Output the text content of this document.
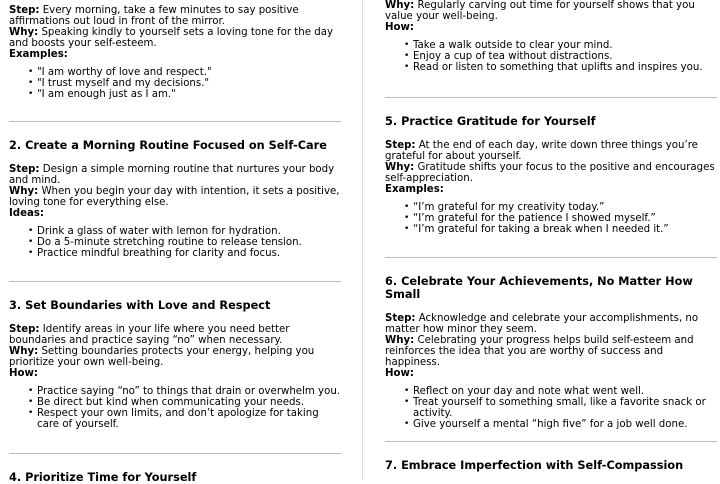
Step: Every morning, take a few minutes to say positive affirmations out loud in front of the mirror.

Why: Speaking kindly to yourself sets a loving tone for the day and boosts your self-esteem.

Examples:

• "I am worthy of love and respect."
• "I trust myself and my decisions."
• "I am enough just as I am."
2. Create a Morning Routine Focused on Self-Care

Step: Design a simple morning routine that nurtures your body and mind.

Why: When you begin your day with intention, it sets a positive, loving tone for everything else.

Ideas:

• Drink a glass of water with lemon for hydration.
• Do a 5-minute stretching routine to release tension.
• Practice mindful breathing for clarity and focus.
3. Set Boundaries with Love and Respect

Step: Identify areas in your life where you need better boundaries and practice saying “no” when necessary.

Why: Setting boundaries protects your energy, helping you prioritize your own well-being.

How:

• Practice saying “no” to things that drain or overwhelm you.
• Be direct but kind when communicating your needs.
• Respect your own limits, and don’t apologize for taking care of yourself.
4. Prioritize Time for Yourself

Why: Regularly carving out time for yourself shows that you value your well-being.

How:

• Take a walk outside to clear your mind.
• Enjoy a cup of tea without distractions.
• Read or listen to something that uplifts and inspires you.
5. Practice Gratitude for Yourself

Step: At the end of each day, write down three things you’re grateful for about yourself.

Why: Gratitude shifts your focus to the positive and encourages self-appreciation.

Examples:

• “I’m grateful for my creativity today.”
• “I’m grateful for the patience I showed myself.”
• “I’m grateful for taking a break when I needed it.”
6. Celebrate Your Achievements, No Matter How Small

Step: Acknowledge and celebrate your accomplishments, no matter how minor they seem.

Why: Celebrating your progress helps build self-esteem and reinforces the idea that you are worthy of success and happiness.

How:

• Reflect on your day and note what went well.
• Treat yourself to something small, like a favorite snack or activity.
• Give yourself a mental “high five” for a job well done.
7. Embrace Imperfection with Self-Compassion
